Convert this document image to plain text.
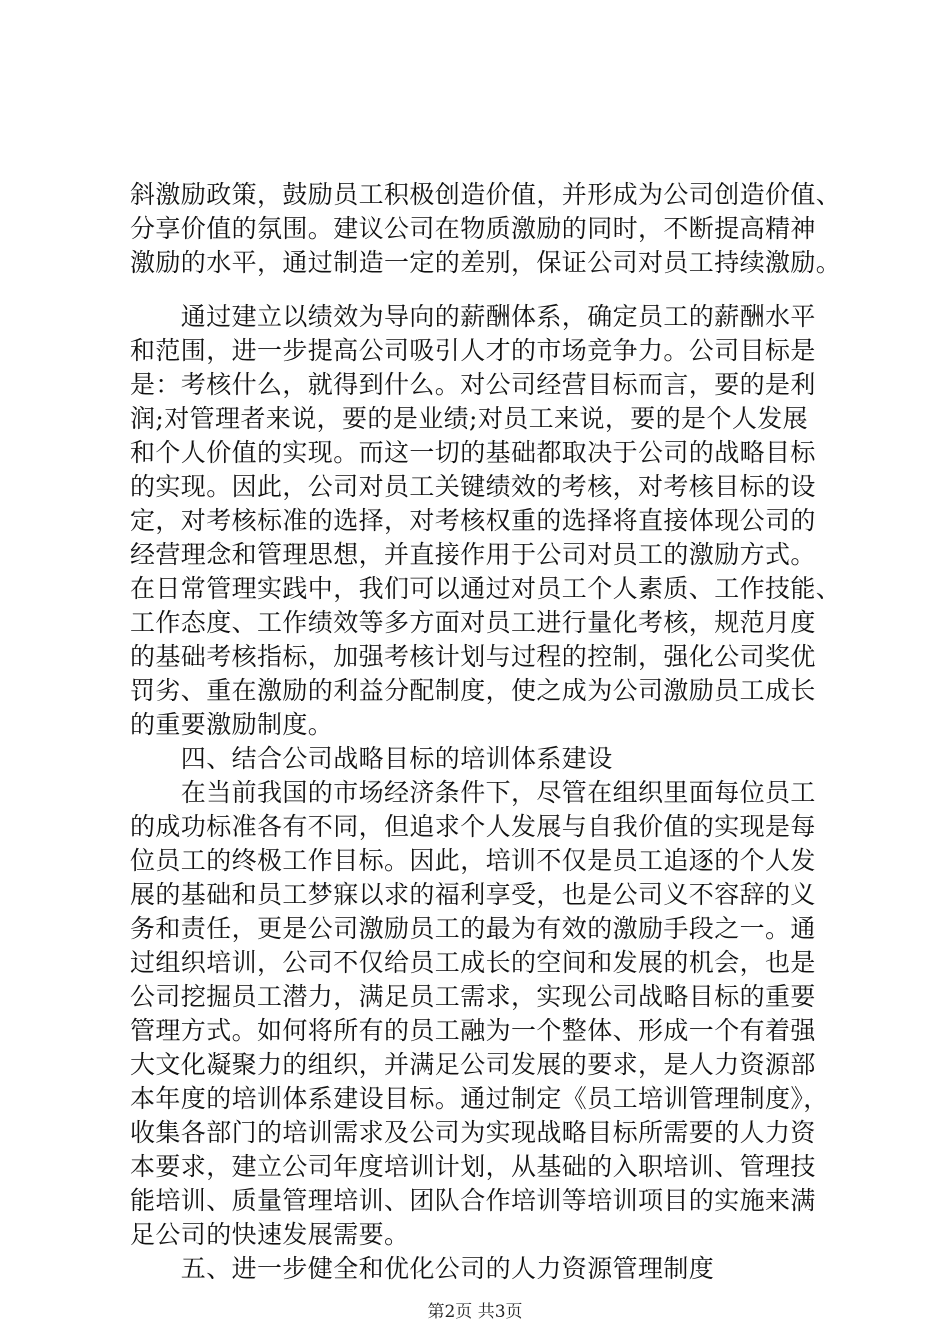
斜激励政策，鼓励员工积极创造价值，并形成为公司创造价值、
分享价值的氛围。建议公司在物质激励的同时，不断提高精神
激励的水平，通过制造一定的差别，保证公司对员工持续激励。
　　通过建立以绩效为导向的薪酬体系，确定员工的薪酬水平
和范围，进一步提高公司吸引人才的市场竞争力。公司目标是
是：考核什么，就得到什么。对公司经营目标而言，要的是利
润;对管理者来说，要的是业绩;对员工来说，要的是个人发展
和个人价值的实现。而这一切的基础都取决于公司的战略目标
的实现。因此，公司对员工关键绩效的考核，对考核目标的设
定，对考核标准的选择，对考核权重的选择将直接体现公司的
经营理念和管理思想，并直接作用于公司对员工的激励方式。
在日常管理实践中，我们可以通过对员工个人素质、工作技能、
工作态度、工作绩效等多方面对员工进行量化考核，规范月度
的基础考核指标，加强考核计划与过程的控制，强化公司奖优
罚劣、重在激励的利益分配制度，使之成为公司激励员工成长
的重要激励制度。
　　四、结合公司战略目标的培训体系建设
　　在当前我国的市场经济条件下，尽管在组织里面每位员工
的成功标准各有不同，但追求个人发展与自我价值的实现是每
位员工的终极工作目标。因此，培训不仅是员工追逐的个人发
展的基础和员工梦寐以求的福利享受，也是公司义不容辞的义
务和责任，更是公司激励员工的最为有效的激励手段之一。通
过组织培训，公司不仅给员工成长的空间和发展的机会，也是
公司挖掘员工潜力，满足员工需求，实现公司战略目标的重要
管理方式。如何将所有的员工融为一个整体、形成一个有着强
大文化凝聚力的组织，并满足公司发展的要求，是人力资源部
本年度的培训体系建设目标。通过制定《员工培训管理制度》，
收集各部门的培训需求及公司为实现战略目标所需要的人力资
本要求，建立公司年度培训计划，从基础的入职培训、管理技
能培训、质量管理培训、团队合作培训等培训项目的实施来满
足公司的快速发展需要。
　　五、进一步健全和优化公司的人力资源管理制度
第2页 共3页
